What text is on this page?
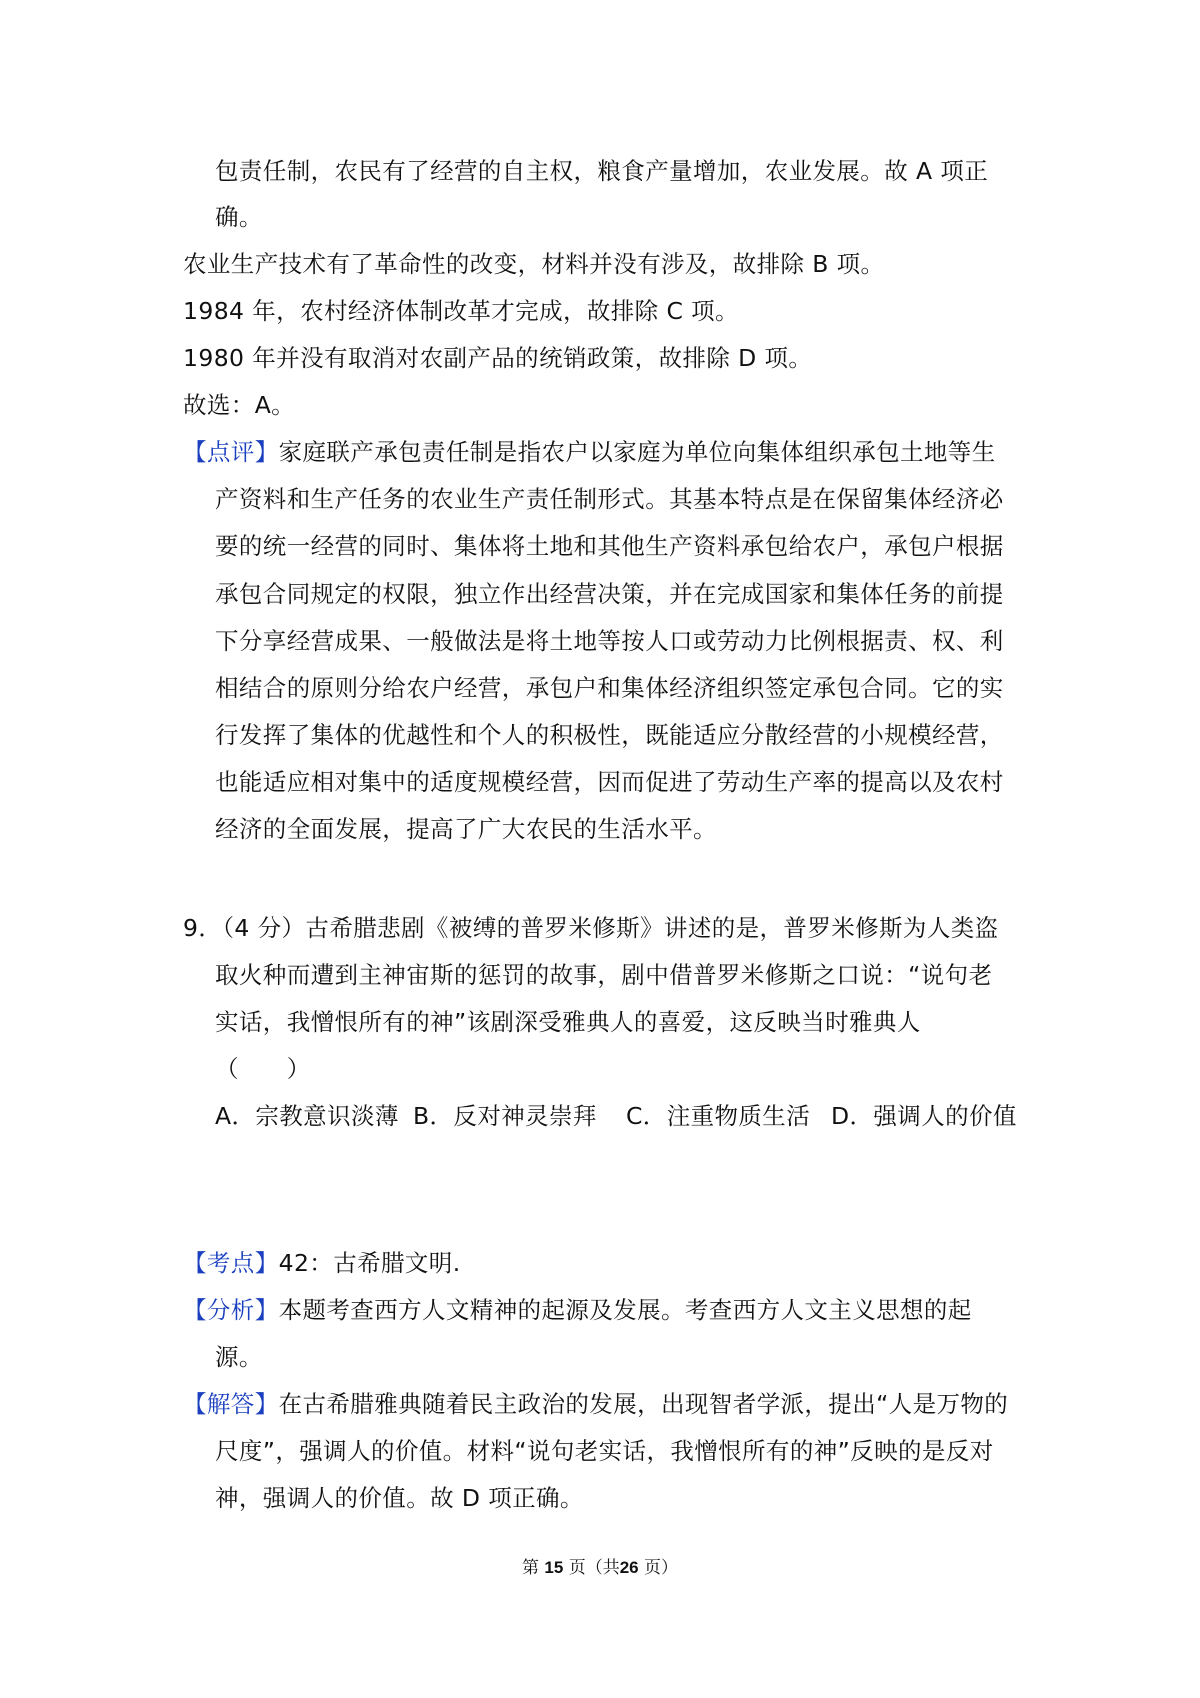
包责任制，农民有了经营的自主权，粮食产量增加，农业发展。故 A 项正
确。
农业生产技术有了革命性的改变，材料并没有涉及，故排除 B 项。
1984 年，农村经济体制改革才完成，故排除 C 项。
1980 年并没有取消对农副产品的统销政策，故排除 D 项。
故选：A。
【点评】家庭联产承包责任制是指农户以家庭为单位向集体组织承包土地等生
产资料和生产任务的农业生产责任制形式。其基本特点是在保留集体经济必
要的统一经营的同时、集体将土地和其他生产资料承包给农户，承包户根据
承包合同规定的权限，独立作出经营决策，并在完成国家和集体任务的前提
下分享经营成果、一般做法是将土地等按人口或劳动力比例根据责、权、利
相结合的原则分给农户经营，承包户和集体经济组织签定承包合同。它的实
行发挥了集体的优越性和个人的积极性，既能适应分散经营的小规模经营，
也能适应相对集中的适度规模经营，因而促进了劳动生产率的提高以及农村
经济的全面发展，提高了广大农民的生活水平。
9．（4 分）古希腊悲剧《被缚的普罗米修斯》讲述的是，普罗米修斯为人类盗
取火种而遭到主神宙斯的惩罚的故事，剧中借普罗米修斯之口说：“说句老
实话，我憎恨所有的神”该剧深受雅典人的喜爱，这反映当时雅典人
（　　）
A．宗教意识淡薄 B．反对神灵崇拜 C．注重物质生活 D．强调人的价值
【考点】42：古希腊文明.
【分析】本题考查西方人文精神的起源及发展。考查西方人文主义思想的起
源。
【解答】在古希腊雅典随着民主政治的发展，出现智者学派，提出“人是万物的
尺度”，强调人的价值。材料“说句老实话，我憎恨所有的神”反映的是反对
神，强调人的价值。故 D 项正确。
第 15 页（共26 页）
